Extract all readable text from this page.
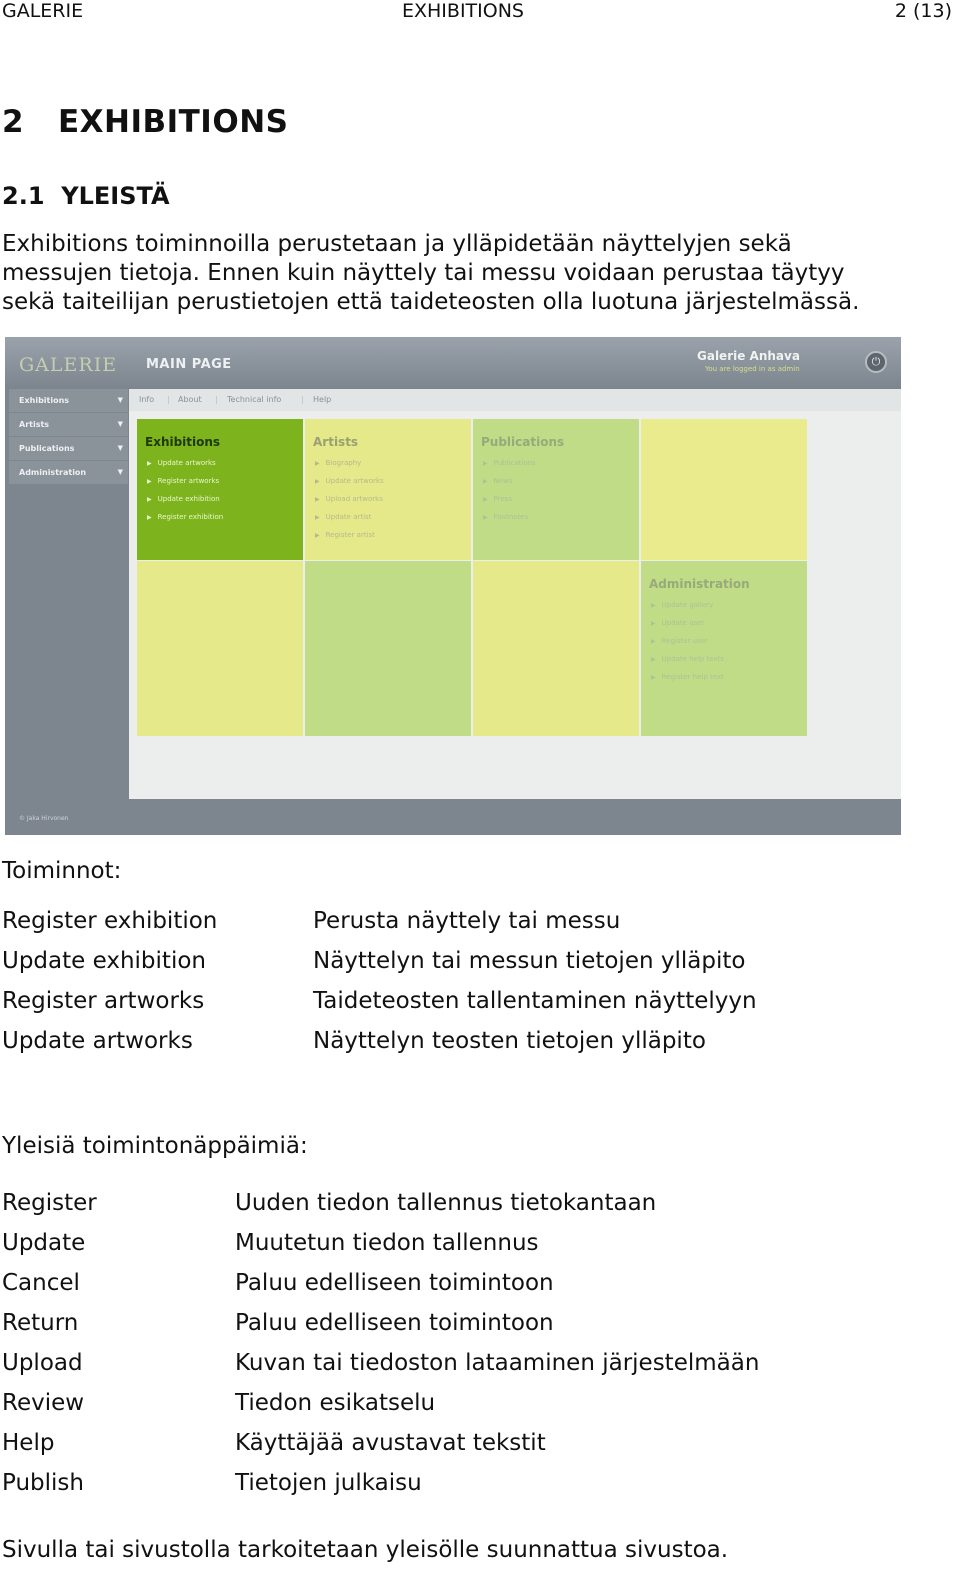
GALERIE	EXHIBITIONS	2 (13)
2   EXHIBITIONS
2.1  YLEISTÄ
Exhibitions toiminnoilla perustetaan ja ylläpidetään näyttelyjen sekä
messujen tietoja. Ennen kuin näyttely tai messu voidaan perustaa täytyy
sekä taiteilijan perustietojen että taideteosten olla luotuna järjestelmässä.
GALERIE MAIN PAGE
Galerie Anhava
You are logged in as admin
⏻
Exhibitions	▼
Artists	▼
Publications	▼
Administration	▼
Info | About | Technical info | Help
Exhibitions
▶ Update artworks
▶ Register artworks
▶ Update exhibition
▶ Register exhibition
Artists
▶ Biography
▶ Update artworks
▶ Upload artworks
▶ Update artist
▶ Register artist
Publications
▶ Publications
▶ News
▶ Press
▶ Footnotes
Administration
▶ Update gallery
▶ Update user
▶ Register user
▶ Update help texts
▶ Register help text
© Jaka Hirvonen
Toiminnot:
Register exhibition	Perusta näyttely tai messu
Update exhibition	Näyttelyn tai messun tietojen ylläpito
Register artworks	Taideteosten tallentaminen näyttelyyn
Update artworks	Näyttelyn teosten tietojen ylläpito
Yleisiä toimintonäppäimiä:
Register	Uuden tiedon tallennus tietokantaan
Update	Muutetun tiedon tallennus
Cancel	Paluu edelliseen toimintoon
Return	Paluu edelliseen toimintoon
Upload	Kuvan tai tiedoston lataaminen järjestelmään
Review	Tiedon esikatselu
Help	Käyttäjää avustavat tekstit
Publish	Tietojen julkaisu
Sivulla tai sivustolla tarkoitetaan yleisölle suunnattua sivustoa.
